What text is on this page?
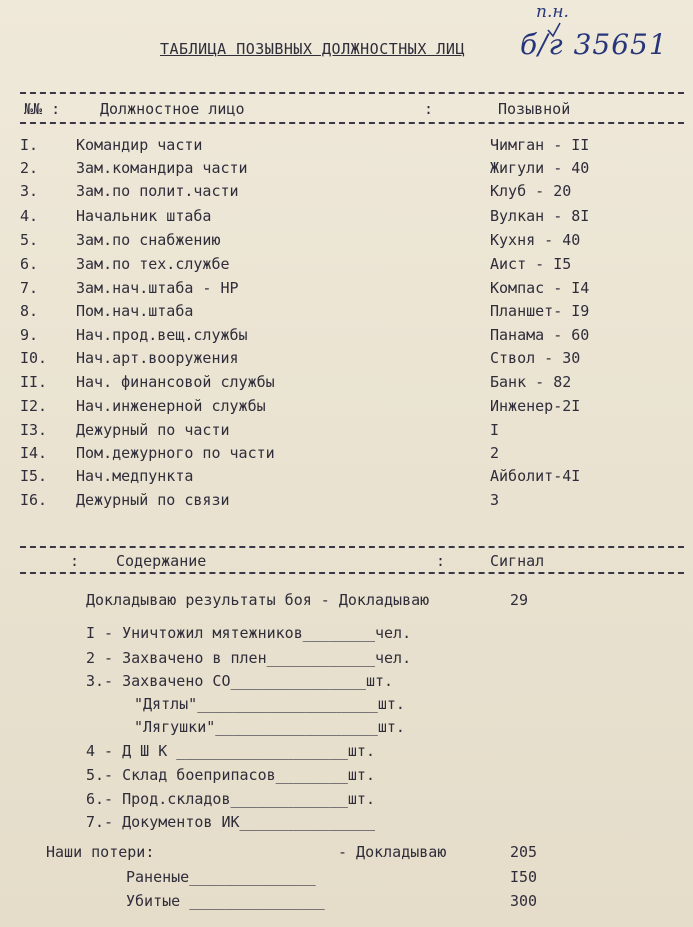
ТАБЛИЦА ПОЗЫВНЫХ ДОЛЖНОСТНЫХ ЛИЦ
п.н.
б/г 35651
№№ :	Должностное лицо	:	Позывной
I.	Командир части	Чимган - II
2.	Зам.командира части	Жигули - 40
3.	Зам.по полит.части	Клуб - 20
4.	Начальник штаба	Вулкан - 8I
5.	Зам.по снабжению	Кухня - 40
6.	Зам.по тех.службе	Аист - I5
7.	Зам.нач.штаба - НР	Компас - I4
8.	Пом.нач.штаба	Планшет- I9
9.	Нач.прод.вещ.службы	Панама - 60
I0. Нач.арт.вооружения	Ствол - 30
II. Нач. финансовой службы	Банк - 82
I2. Нач.инженерной службы	Инженер-2I
I3. Дежурный по части	I
I4. Пом.дежурного по части	2
I5. Нач.медпункта	Айболит-4I
I6. Дежурный по связи	3
: Содержание	:	Сигнал
Докладываю результаты боя - Докладываю	29
I - Уничтожил мятежников________чел.
2 - Захвачено в плен____________чел.
3.- Захвачено СО_______________шт.
"Дятлы"____________________шт.
"Лягушки"__________________шт.
4 - Д Ш К ___________________шт.
5.- Склад боеприпасов________шт.
6.- Прод.складов_____________шт.
7.- Документов ИК_______________
Наши потери:	- Докладываю	205
Раненые______________	I50
Убитые _______________	300
